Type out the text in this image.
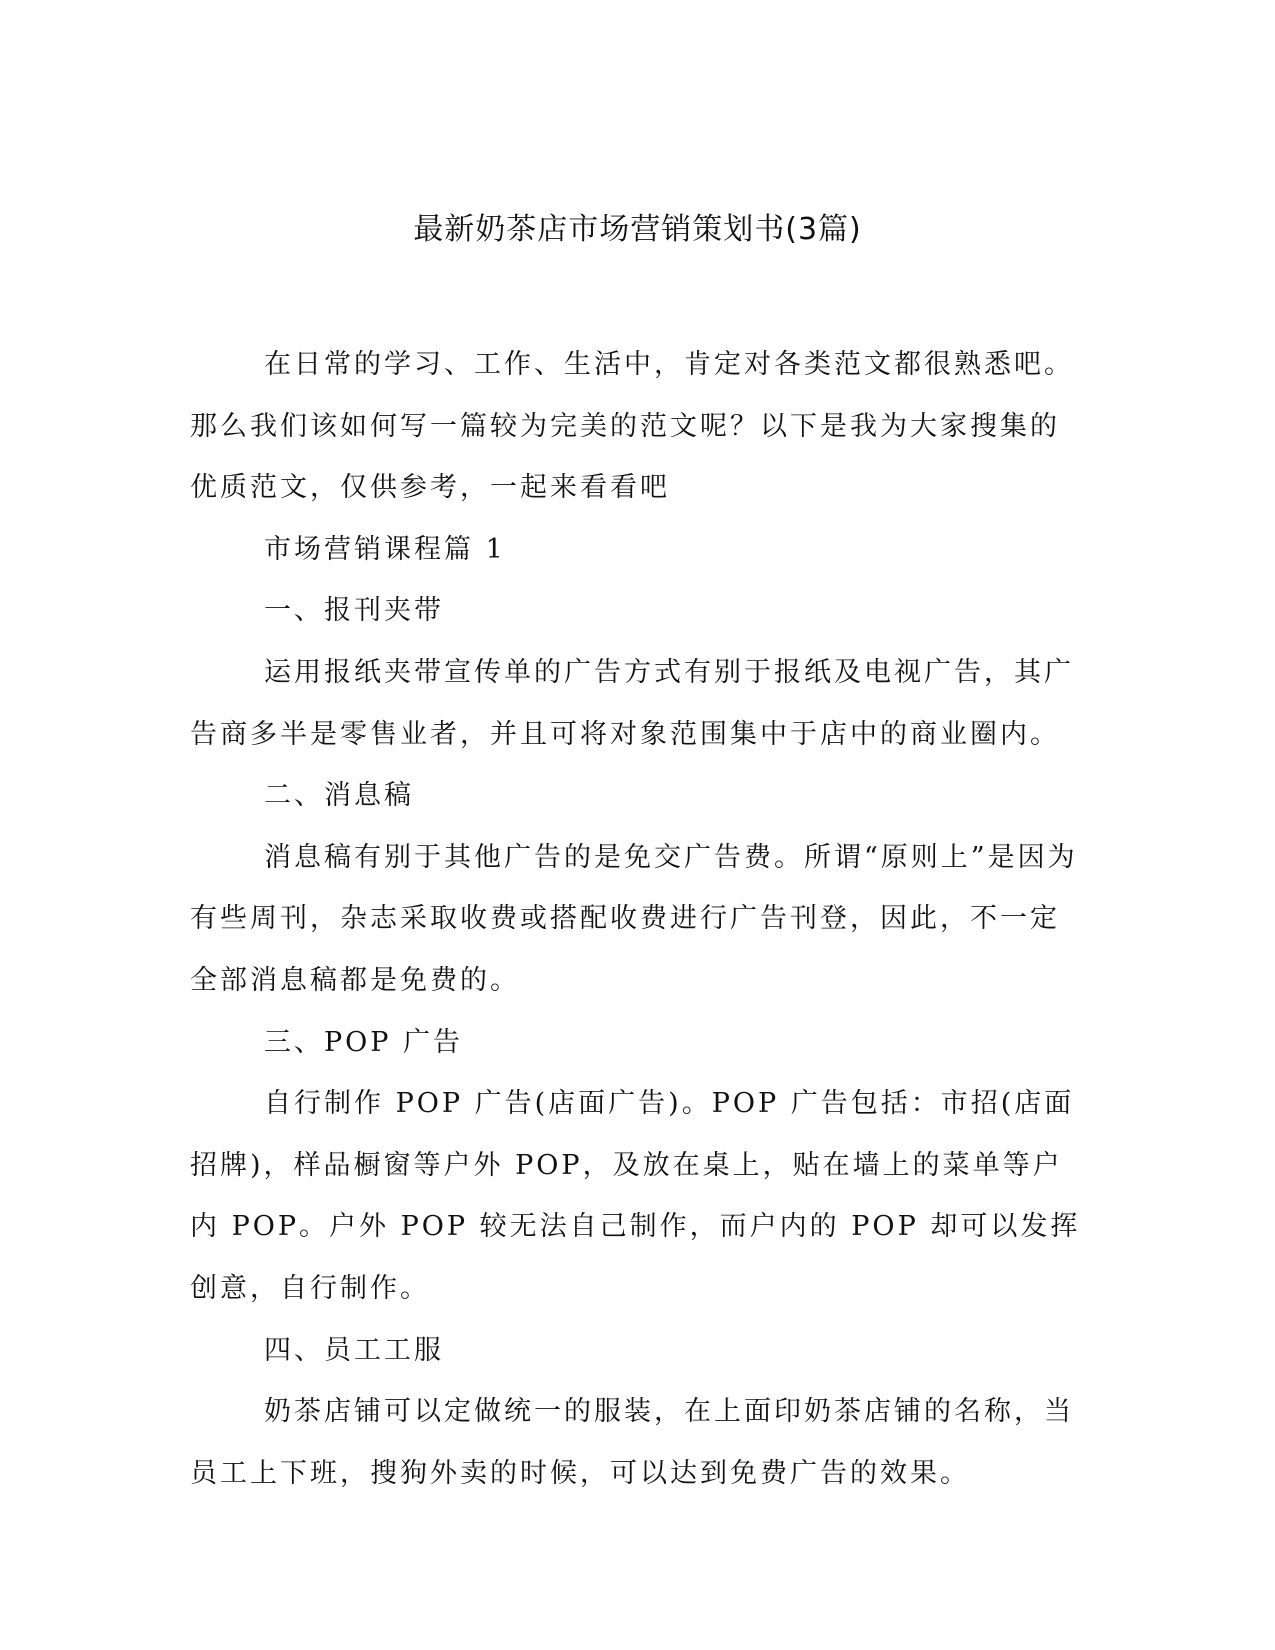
最新奶茶店市场营销策划书(3篇)

在日常的学习、工作、生活中，肯定对各类范文都很熟悉吧。那么我们该如何写一篇较为完美的范文呢？以下是我为大家搜集的优质范文，仅供参考，一起来看看吧

市场营销课程篇 1

一、报刊夹带

运用报纸夹带宣传单的广告方式有别于报纸及电视广告，其广告商多半是零售业者，并且可将对象范围集中于店中的商业圈内。

二、消息稿

消息稿有别于其他广告的是免交广告费。所谓“原则上”是因为有些周刊，杂志采取收费或搭配收费进行广告刊登，因此，不一定全部消息稿都是免费的。

三、POP 广告

自行制作 POP 广告(店面广告)。POP 广告包括：市招(店面招牌)，样品橱窗等户外 POP，及放在桌上，贴在墙上的菜单等户内 POP。户外 POP 较无法自己制作，而户内的 POP 却可以发挥创意，自行制作。

四、员工工服

奶茶店铺可以定做统一的服装，在上面印奶茶店铺的名称，当员工上下班，搜狗外卖的时候，可以达到免费广告的效果。
